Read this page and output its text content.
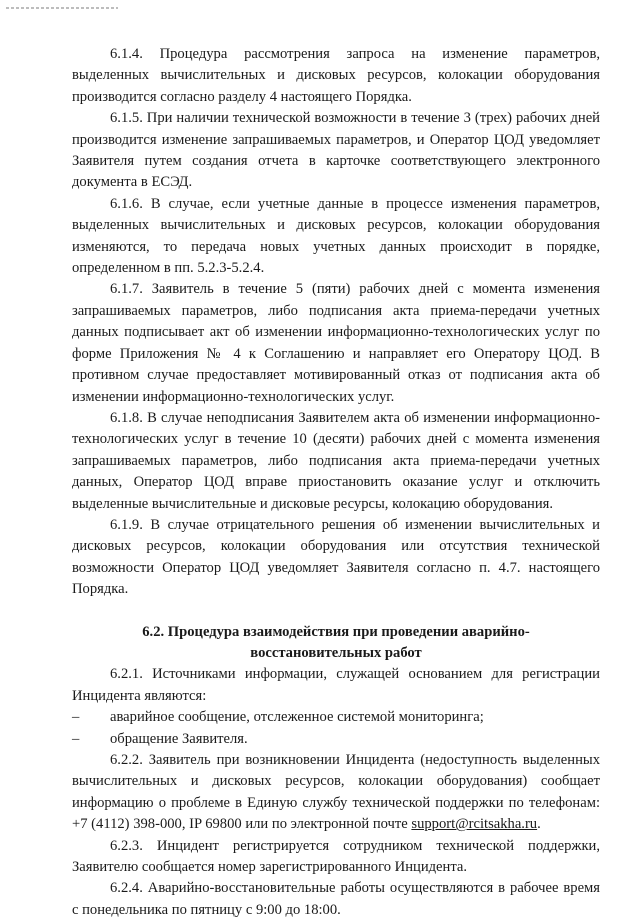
6.1.4. Процедура рассмотрения запроса на изменение параметров, выделенных вычислительных и дисковых ресурсов, колокации оборудования производится согласно разделу 4 настоящего Порядка.

6.1.5. При наличии технической возможности в течение 3 (трех) рабочих дней производится изменение запрашиваемых параметров, и Оператор ЦОД уведомляет Заявителя путем создания отчета в карточке соответствующего электронного документа в ЕСЭД.

6.1.6. В случае, если учетные данные в процессе изменения параметров, выделенных вычислительных и дисковых ресурсов, колокации оборудования изменяются, то передача новых учетных данных происходит в порядке, определенном в пп. 5.2.3-5.2.4.

6.1.7. Заявитель в течение 5 (пяти) рабочих дней с момента изменения запрашиваемых параметров, либо подписания акта приема-передачи учетных данных подписывает акт об изменении информационно-технологических услуг по форме Приложения № 4 к Соглашению и направляет его Оператору ЦОД. В противном случае предоставляет мотивированный отказ от подписания акта об изменении информационно-технологических услуг.

6.1.8. В случае неподписания Заявителем акта об изменении информационно-технологических услуг в течение 10 (десяти) рабочих дней с момента изменения запрашиваемых параметров, либо подписания акта приема-передачи учетных данных, Оператор ЦОД вправе приостановить оказание услуг и отключить выделенные вычислительные и дисковые ресурсы, колокацию оборудования.

6.1.9. В случае отрицательного решения об изменении вычислительных и дисковых ресурсов, колокации оборудования или отсутствия технической возможности Оператор ЦОД уведомляет Заявителя согласно п. 4.7. настоящего Порядка.

6.2. Процедура взаимодействия при проведении аварийно-
восстановительных работ

6.2.1. Источниками информации, служащей основанием для регистрации Инцидента являются:

– аварийное сообщение, отслеженное системой мониторинга;
– обращение Заявителя.

6.2.2. Заявитель при возникновении Инцидента (недоступность выделенных вычислительных и дисковых ресурсов, колокации оборудования) сообщает информацию о проблеме в Единую службу технической поддержки по телефонам: +7 (4112) 398-000, IP 69800 или по электронной почте support@rcitsakha.ru.

6.2.3. Инцидент регистрируется сотрудником технической поддержки, Заявителю сообщается номер зарегистрированного Инцидента.

6.2.4. Аварийно-восстановительные работы осуществляются в рабочее время с понедельника по пятницу с 9:00 до 18:00.
